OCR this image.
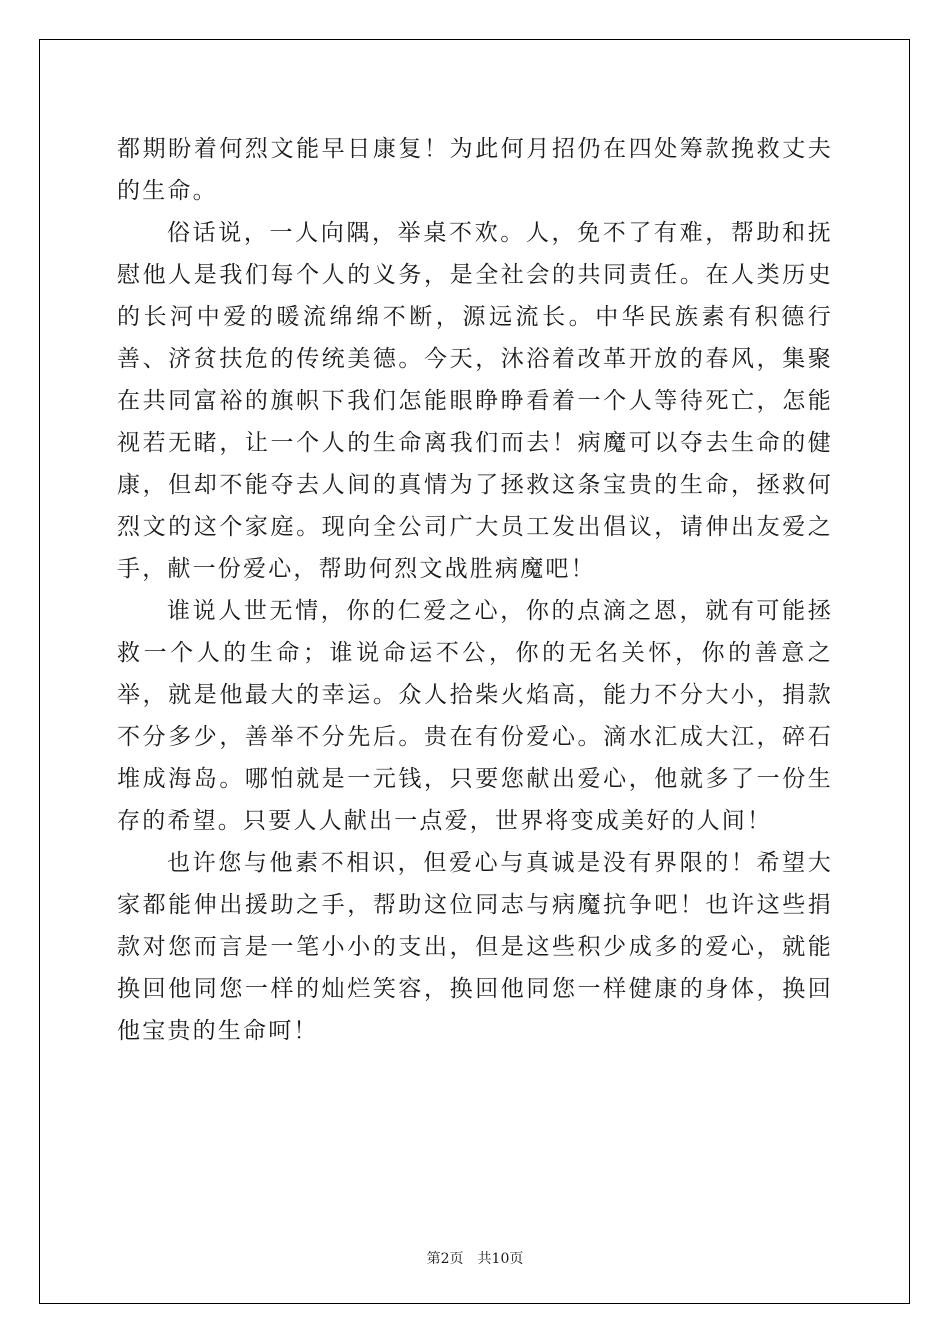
都期盼着何烈文能早日康复！为此何月招仍在四处筹款挽救丈夫的生命。

俗话说，一人向隅，举桌不欢。人，免不了有难，帮助和抚慰他人是我们每个人的义务，是全社会的共同责任。在人类历史的长河中爱的暖流绵绵不断，源远流长。中华民族素有积德行善、济贫扶危的传统美德。今天，沐浴着改革开放的春风，集聚在共同富裕的旗帜下我们怎能眼睁睁看着一个人等待死亡，怎能视若无睹，让一个人的生命离我们而去！病魔可以夺去生命的健康，但却不能夺去人间的真情为了拯救这条宝贵的生命，拯救何烈文的这个家庭。现向全公司广大员工发出倡议，请伸出友爱之手，献一份爱心，帮助何烈文战胜病魔吧！

谁说人世无情，你的仁爱之心，你的点滴之恩，就有可能拯救一个人的生命；谁说命运不公，你的无名关怀，你的善意之举，就是他最大的幸运。众人拾柴火焰高，能力不分大小，捐款不分多少，善举不分先后。贵在有份爱心。滴水汇成大江，碎石堆成海岛。哪怕就是一元钱，只要您献出爱心，他就多了一份生存的希望。只要人人献出一点爱，世界将变成美好的人间！

也许您与他素不相识，但爱心与真诚是没有界限的！希望大家都能伸出援助之手，帮助这位同志与病魔抗争吧！也许这些捐款对您而言是一笔小小的支出，但是这些积少成多的爱心，就能换回他同您一样的灿烂笑容，换回他同您一样健康的身体，换回他宝贵的生命呵！

第2页 共10页
